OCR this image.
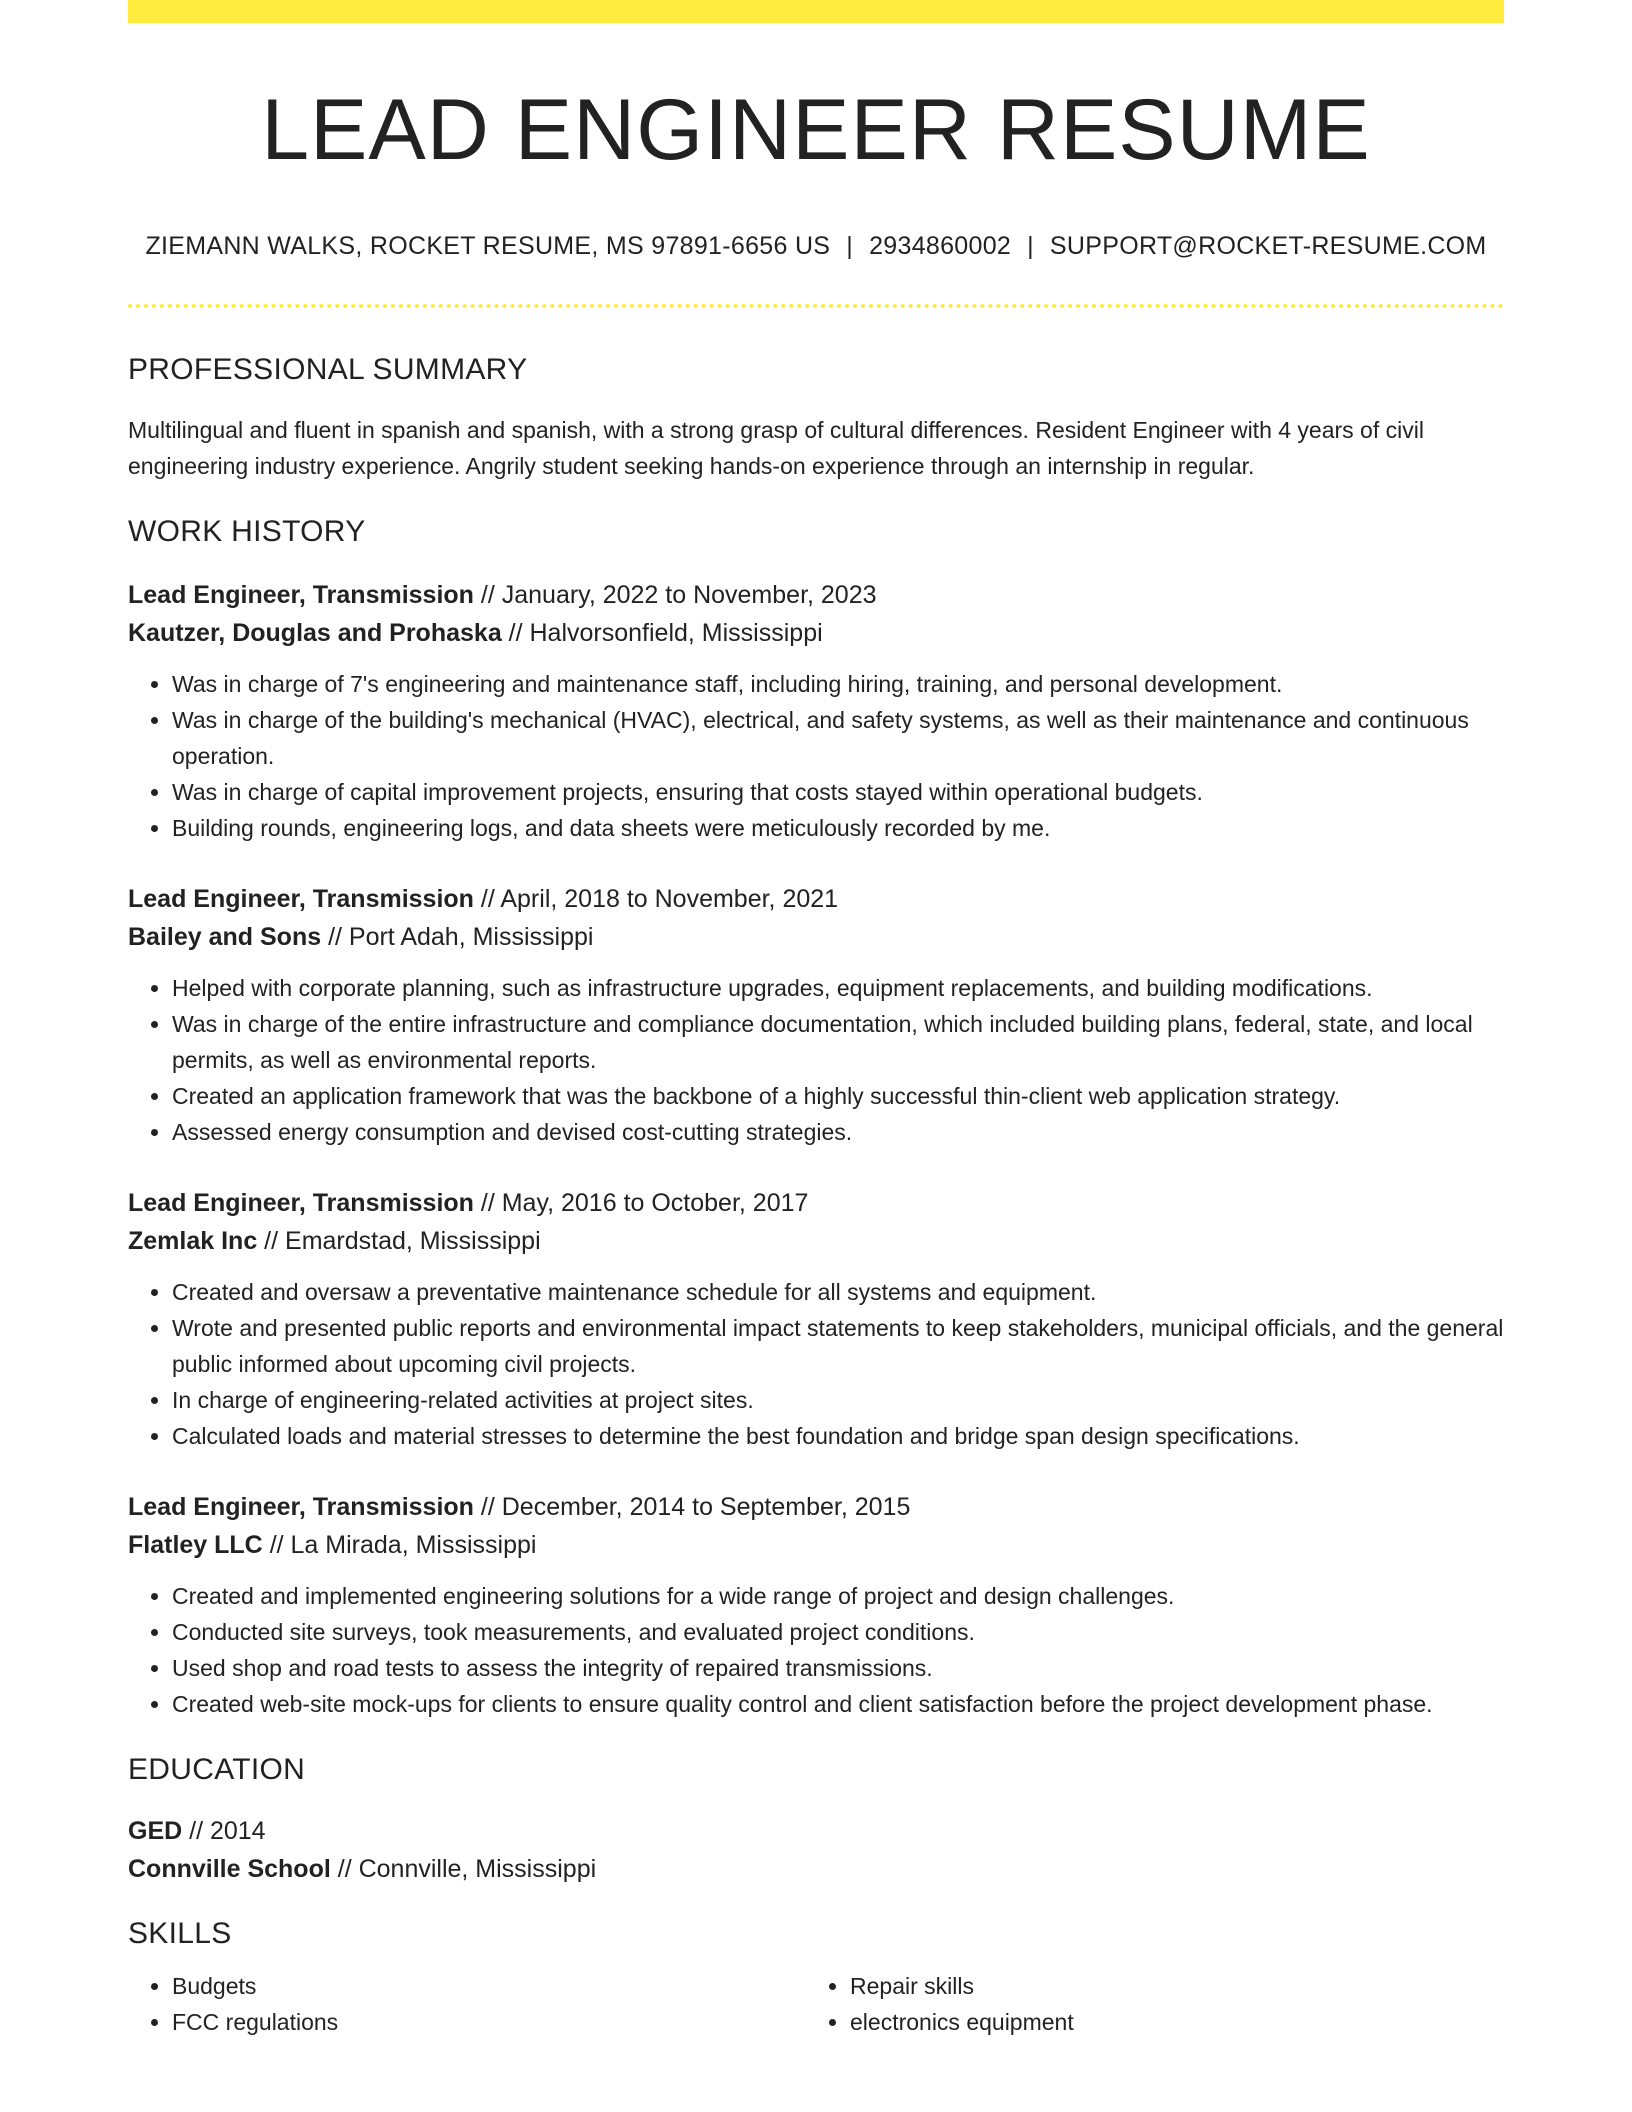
LEAD ENGINEER RESUME
ZIEMANN WALKS, ROCKET RESUME, MS 97891-6656 US | 2934860002 | SUPPORT@ROCKET-RESUME.COM
PROFESSIONAL SUMMARY
Multilingual and fluent in spanish and spanish, with a strong grasp of cultural differences. Resident Engineer with 4 years of civil engineering industry experience. Angrily student seeking hands-on experience through an internship in regular.
WORK HISTORY
Lead Engineer, Transmission // January, 2022 to November, 2023
Kautzer, Douglas and Prohaska // Halvorsonfield, Mississippi
• Was in charge of 7's engineering and maintenance staff, including hiring, training, and personal development.
• Was in charge of the building's mechanical (HVAC), electrical, and safety systems, as well as their maintenance and continuous operation.
• Was in charge of capital improvement projects, ensuring that costs stayed within operational budgets.
• Building rounds, engineering logs, and data sheets were meticulously recorded by me.
Lead Engineer, Transmission // April, 2018 to November, 2021
Bailey and Sons // Port Adah, Mississippi
• Helped with corporate planning, such as infrastructure upgrades, equipment replacements, and building modifications.
• Was in charge of the entire infrastructure and compliance documentation, which included building plans, federal, state, and local permits, as well as environmental reports.
• Created an application framework that was the backbone of a highly successful thin-client web application strategy.
• Assessed energy consumption and devised cost-cutting strategies.
Lead Engineer, Transmission // May, 2016 to October, 2017
Zemlak Inc // Emardstad, Mississippi
• Created and oversaw a preventative maintenance schedule for all systems and equipment.
• Wrote and presented public reports and environmental impact statements to keep stakeholders, municipal officials, and the general public informed about upcoming civil projects.
• In charge of engineering-related activities at project sites.
• Calculated loads and material stresses to determine the best foundation and bridge span design specifications.
Lead Engineer, Transmission // December, 2014 to September, 2015
Flatley LLC // La Mirada, Mississippi
• Created and implemented engineering solutions for a wide range of project and design challenges.
• Conducted site surveys, took measurements, and evaluated project conditions.
• Used shop and road tests to assess the integrity of repaired transmissions.
• Created web-site mock-ups for clients to ensure quality control and client satisfaction before the project development phase.
EDUCATION
GED // 2014
Connville School // Connville, Mississippi
SKILLS
• Budgets
• FCC regulations
• Repair skills
• electronics equipment
